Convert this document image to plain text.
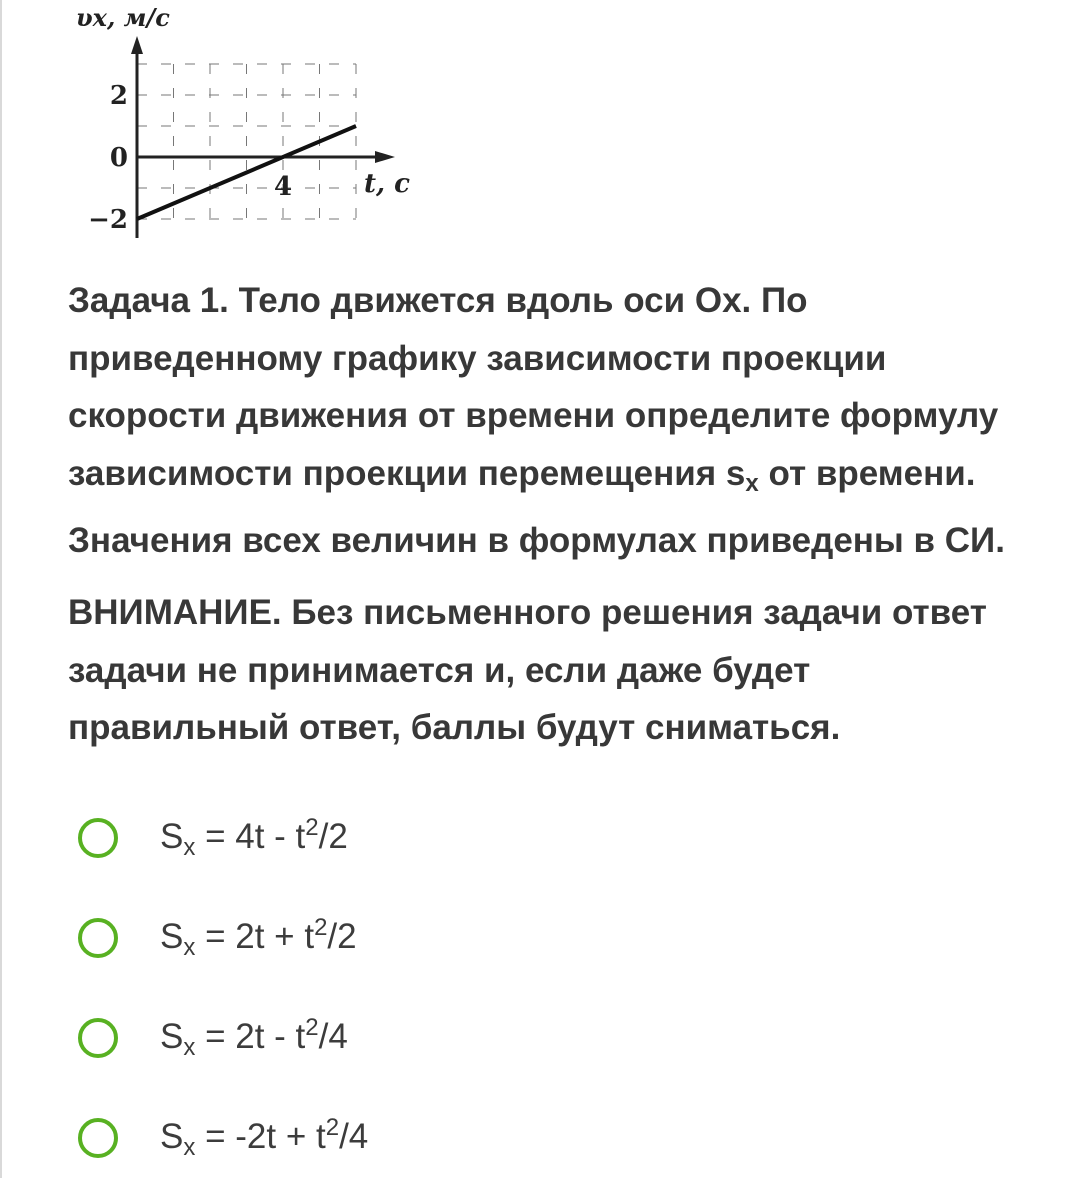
υx, м/с
t, с
2
0
−2
4

Задача 1. Тело движется вдоль оси Ох. По приведенному графику зависимости проекции скорости движения от времени определите формулу зависимости проекции перемещения $s_x$ от времени. Значения всех величин в формулах приведены в СИ.

ВНИМАНИЕ. Без письменного решения задачи ответ задачи не принимается и, если даже будет правильный ответ, баллы будут сниматься.

$S_x = 4t - t^2/2$
$S_x = 2t + t^2/2$
$S_x = 2t - t^2/4$
$S_x = -2t + t^2/4$
